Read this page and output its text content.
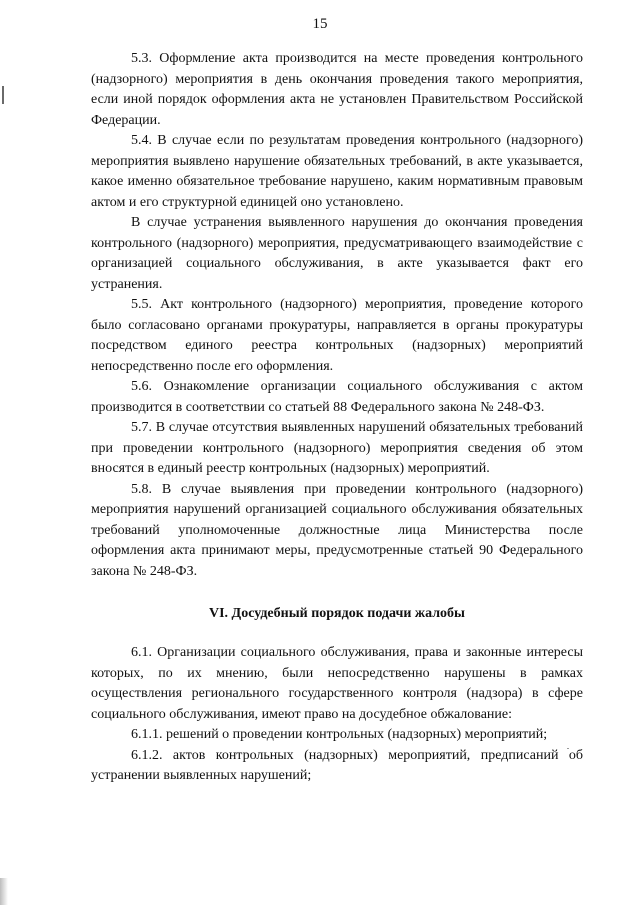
15

5.3. Оформление акта производится на месте проведения контрольного (надзорного) мероприятия в день окончания проведения такого мероприятия, если иной порядок оформления акта не установлен Правительством Российской Федерации.

5.4. В случае если по результатам проведения контрольного (надзорного) мероприятия выявлено нарушение обязательных требований, в акте указывается, какое именно обязательное требование нарушено, каким нормативным правовым актом и его структурной единицей оно установлено.

В случае устранения выявленного нарушения до окончания проведения контрольного (надзорного) мероприятия, предусматривающего взаимодействие с организацией социального обслуживания, в акте указывается факт его устранения.

5.5. Акт контрольного (надзорного) мероприятия, проведение которого было согласовано органами прокуратуры, направляется в органы прокуратуры посредством единого реестра контрольных (надзорных) мероприятий непосредственно после его оформления.

5.6. Ознакомление организации социального обслуживания с актом производится в соответствии со статьей 88 Федерального закона № 248-ФЗ.

5.7. В случае отсутствия выявленных нарушений обязательных требований при проведении контрольного (надзорного) мероприятия сведения об этом вносятся в единый реестр контрольных (надзорных) мероприятий.

5.8. В случае выявления при проведении контрольного (надзорного) мероприятия нарушений организацией социального обслуживания обязательных требований уполномоченные должностные лица Министерства после оформления акта принимают меры, предусмотренные статьей 90 Федерального закона № 248-ФЗ.

VI. Досудебный порядок подачи жалобы

6.1. Организации социального обслуживания, права и законные интересы которых, по их мнению, были непосредственно нарушены в рамках осуществления регионального государственного контроля (надзора) в сфере социального обслуживания, имеют право на досудебное обжалование:

6.1.1. решений о проведении контрольных (надзорных) мероприятий;

6.1.2. актов контрольных (надзорных) мероприятий, предписаний об устранении выявленных нарушений;
